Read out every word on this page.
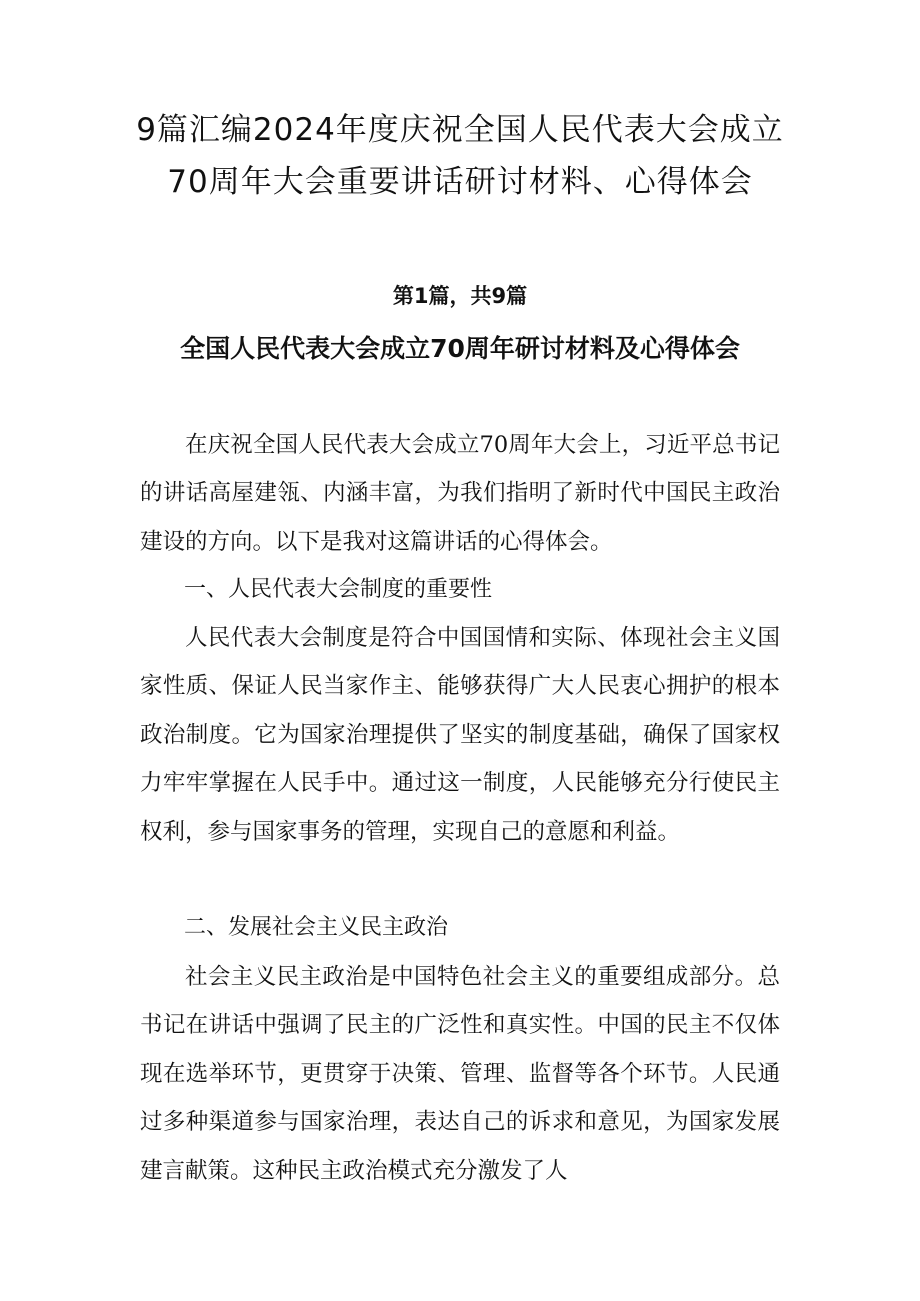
9篇汇编2024年度庆祝全国人民代表大会成立70周年大会重要讲话研讨材料、心得体会
第1篇，共9篇
全国人民代表大会成立70周年研讨材料及心得体会

在庆祝全国人民代表大会成立70周年大会上，习近平总书记的讲话高屋建瓴、内涵丰富，为我们指明了新时代中国民主政治建设的方向。以下是我对这篇讲话的心得体会。

一、人民代表大会制度的重要性

人民代表大会制度是符合中国国情和实际、体现社会主义国家性质、保证人民当家作主、能够获得广大人民衷心拥护的根本政治制度。它为国家治理提供了坚实的制度基础，确保了国家权力牢牢掌握在人民手中。通过这一制度，人民能够充分行使民主权利，参与国家事务的管理，实现自己的意愿和利益。

二、发展社会主义民主政治

社会主义民主政治是中国特色社会主义的重要组成部分。总书记在讲话中强调了民主的广泛性和真实性。中国的民主不仅体现在选举环节，更贯穿于决策、管理、监督等各个环节。人民通过多种渠道参与国家治理，表达自己的诉求和意见，为国家发展建言献策。这种民主政治模式充分激发了人
